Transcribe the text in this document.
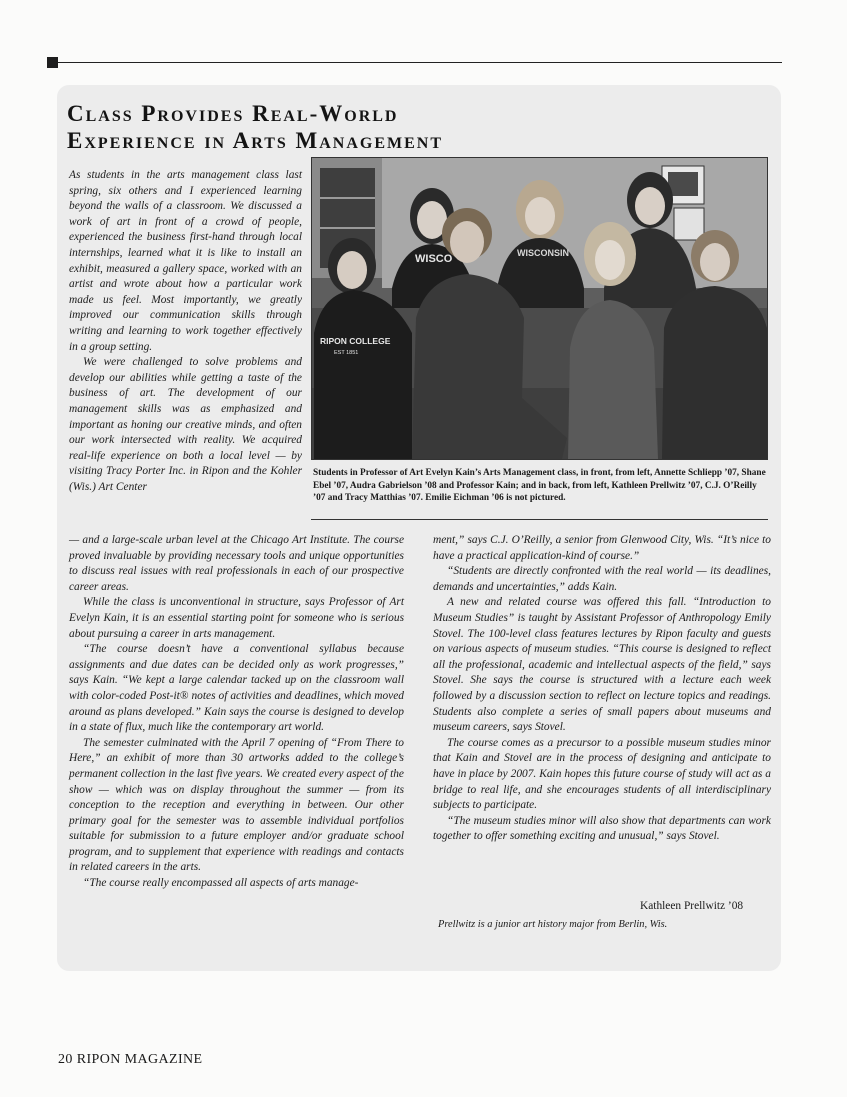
Class Provides Real-World
Experience in Arts Management

As students in the arts management class last spring, six others and I experienced learning beyond the walls of a classroom. We discussed a work of art in front of a crowd of people, experienced the business first-hand through local internships, learned what it is like to install an exhibit, measured a gallery space, worked with an artist and wrote about how a particular work made us feel. Most importantly, we greatly improved our communication skills through writing and learning to work together effectively in a group setting.

We were challenged to solve problems and develop our abilities while getting a taste of the business of art. The development of our management skills was as emphasized and important as honing our creative minds, and often our work intersected with reality. We acquired real-life experience on both a local level — by visiting Tracy Porter Inc. in Ripon and the Kohler (Wis.) Art Center

WISCO	WISCONSIN
RIPON COLLEGE
EST 1851

Students in Professor of Art Evelyn Kain’s Arts Management class, in front, from left, Annette Schliepp ’07, Shane Ebel ’07, Audra Gabrielson ’08 and Professor Kain; and in back, from left, Kathleen Prellwitz ’07, C.J. O’Reilly ’07 and Tracy Matthias ’07. Emilie Eichman ’06 is not pictured.

— and a large-scale urban level at the Chicago Art Institute. The course proved invaluable by providing necessary tools and unique opportunities to discuss real issues with real professionals in each of our prospective career areas.

While the class is unconventional in structure, says Professor of Art Evelyn Kain, it is an essential starting point for someone who is serious about pursuing a career in arts management.

“The course doesn’t have a conventional syllabus because assignments and due dates can be decided only as work progresses,” says Kain. “We kept a large calendar tacked up on the classroom wall with color-coded Post-it® notes of activities and deadlines, which moved around as plans developed.” Kain says the course is designed to develop in a state of flux, much like the contemporary art world.

The semester culminated with the April 7 opening of “From There to Here,” an exhibit of more than 30 artworks added to the college’s permanent collection in the last five years. We created every aspect of the show — which was on display throughout the summer — from its conception to the reception and everything in between. Our other primary goal for the semester was to assemble individual portfolios suitable for submission to a future employer and/or graduate school program, and to supplement that experience with readings and contacts in related careers in the arts.

“The course really encompassed all aspects of arts manage-

ment,” says C.J. O’Reilly, a senior from Glenwood City, Wis. “It’s nice to have a practical application-kind of course.”

“Students are directly confronted with the real world — its deadlines, demands and uncertainties,” adds Kain.

A new and related course was offered this fall. “Introduction to Museum Studies” is taught by Assistant Professor of Anthropology Emily Stovel. The 100-level class features lectures by Ripon faculty and guests on various aspects of museum studies. “This course is designed to reflect all the professional, academic and intellectual aspects of the field,” says Stovel. She says the course is structured with a lecture each week followed by a discussion section to reflect on lecture topics and readings. Students also complete a series of small papers about museums and museum careers, says Stovel.

The course comes as a precursor to a possible museum studies minor that Kain and Stovel are in the process of designing and anticipate to have in place by 2007. Kain hopes this future course of study will act as a bridge to real life, and she encourages students of all interdisciplinary subjects to participate.

“The museum studies minor will also show that departments can work together to offer something exciting and unusual,” says Stovel.

Kathleen Prellwitz ’08
Prellwitz is a junior art history major from Berlin, Wis.
20 RIPON MAGAZINE
